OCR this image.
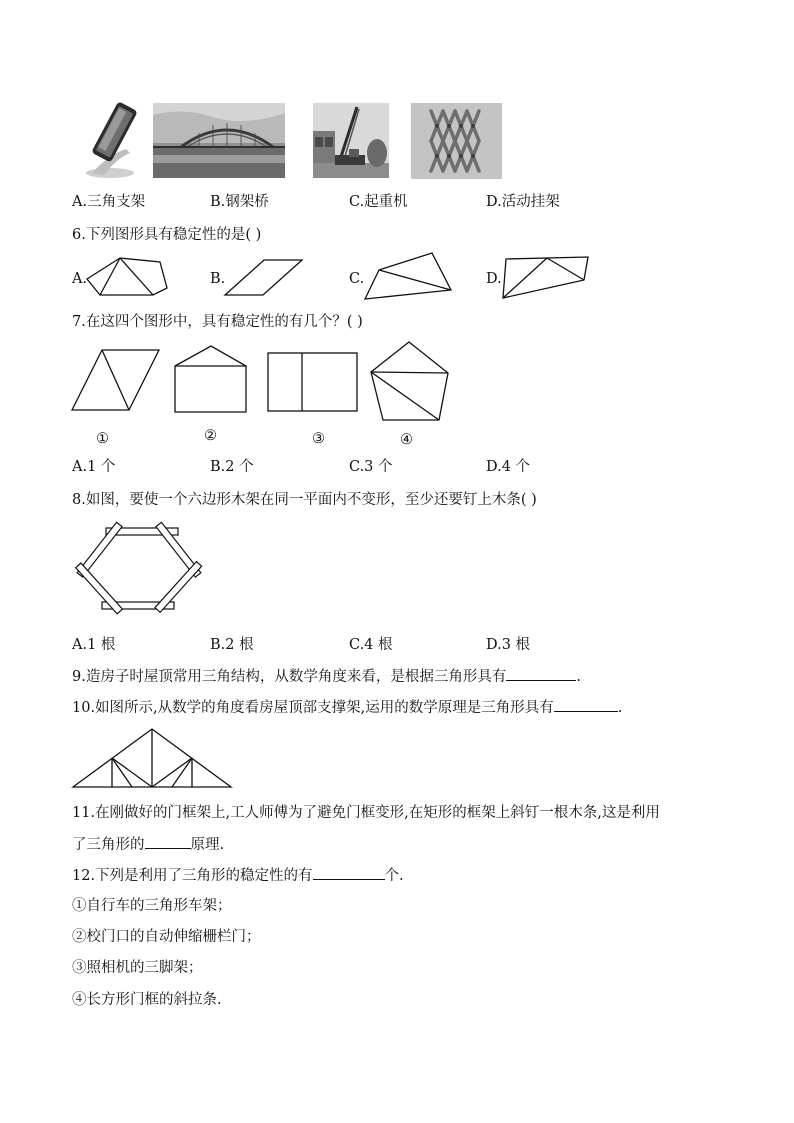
A.三角支架	B.钢架桥	C.起重机	D.活动挂架
6.下列图形具有稳定性的是( )
A.	B.	C.	D.
7.在这四个图形中，具有稳定性的有几个？( )
①	②	③	④
A.1 个	B.2 个	C.3 个	D.4 个
8.如图，要使一个六边形木架在同一平面内不变形，至少还要钉上木条( )
A.1 根	B.2 根	C.4 根	D.3 根
9.造房子时屋顶常用三角结构，从数学角度来看，是根据三角形具有	.
10.如图所示,从数学的角度看房屋顶部支撑架,运用的数学原理是三角形具有	.
11.在刚做好的门框架上,工人师傅为了避免门框变形,在矩形的框架上斜钉一根木条,这是利用
了三角形的	原理.
12.下列是利用了三角形的稳定性的有	个.
①自行车的三角形车架；
②校门口的自动伸缩栅栏门；
③照相机的三脚架；
④长方形门框的斜拉条.
